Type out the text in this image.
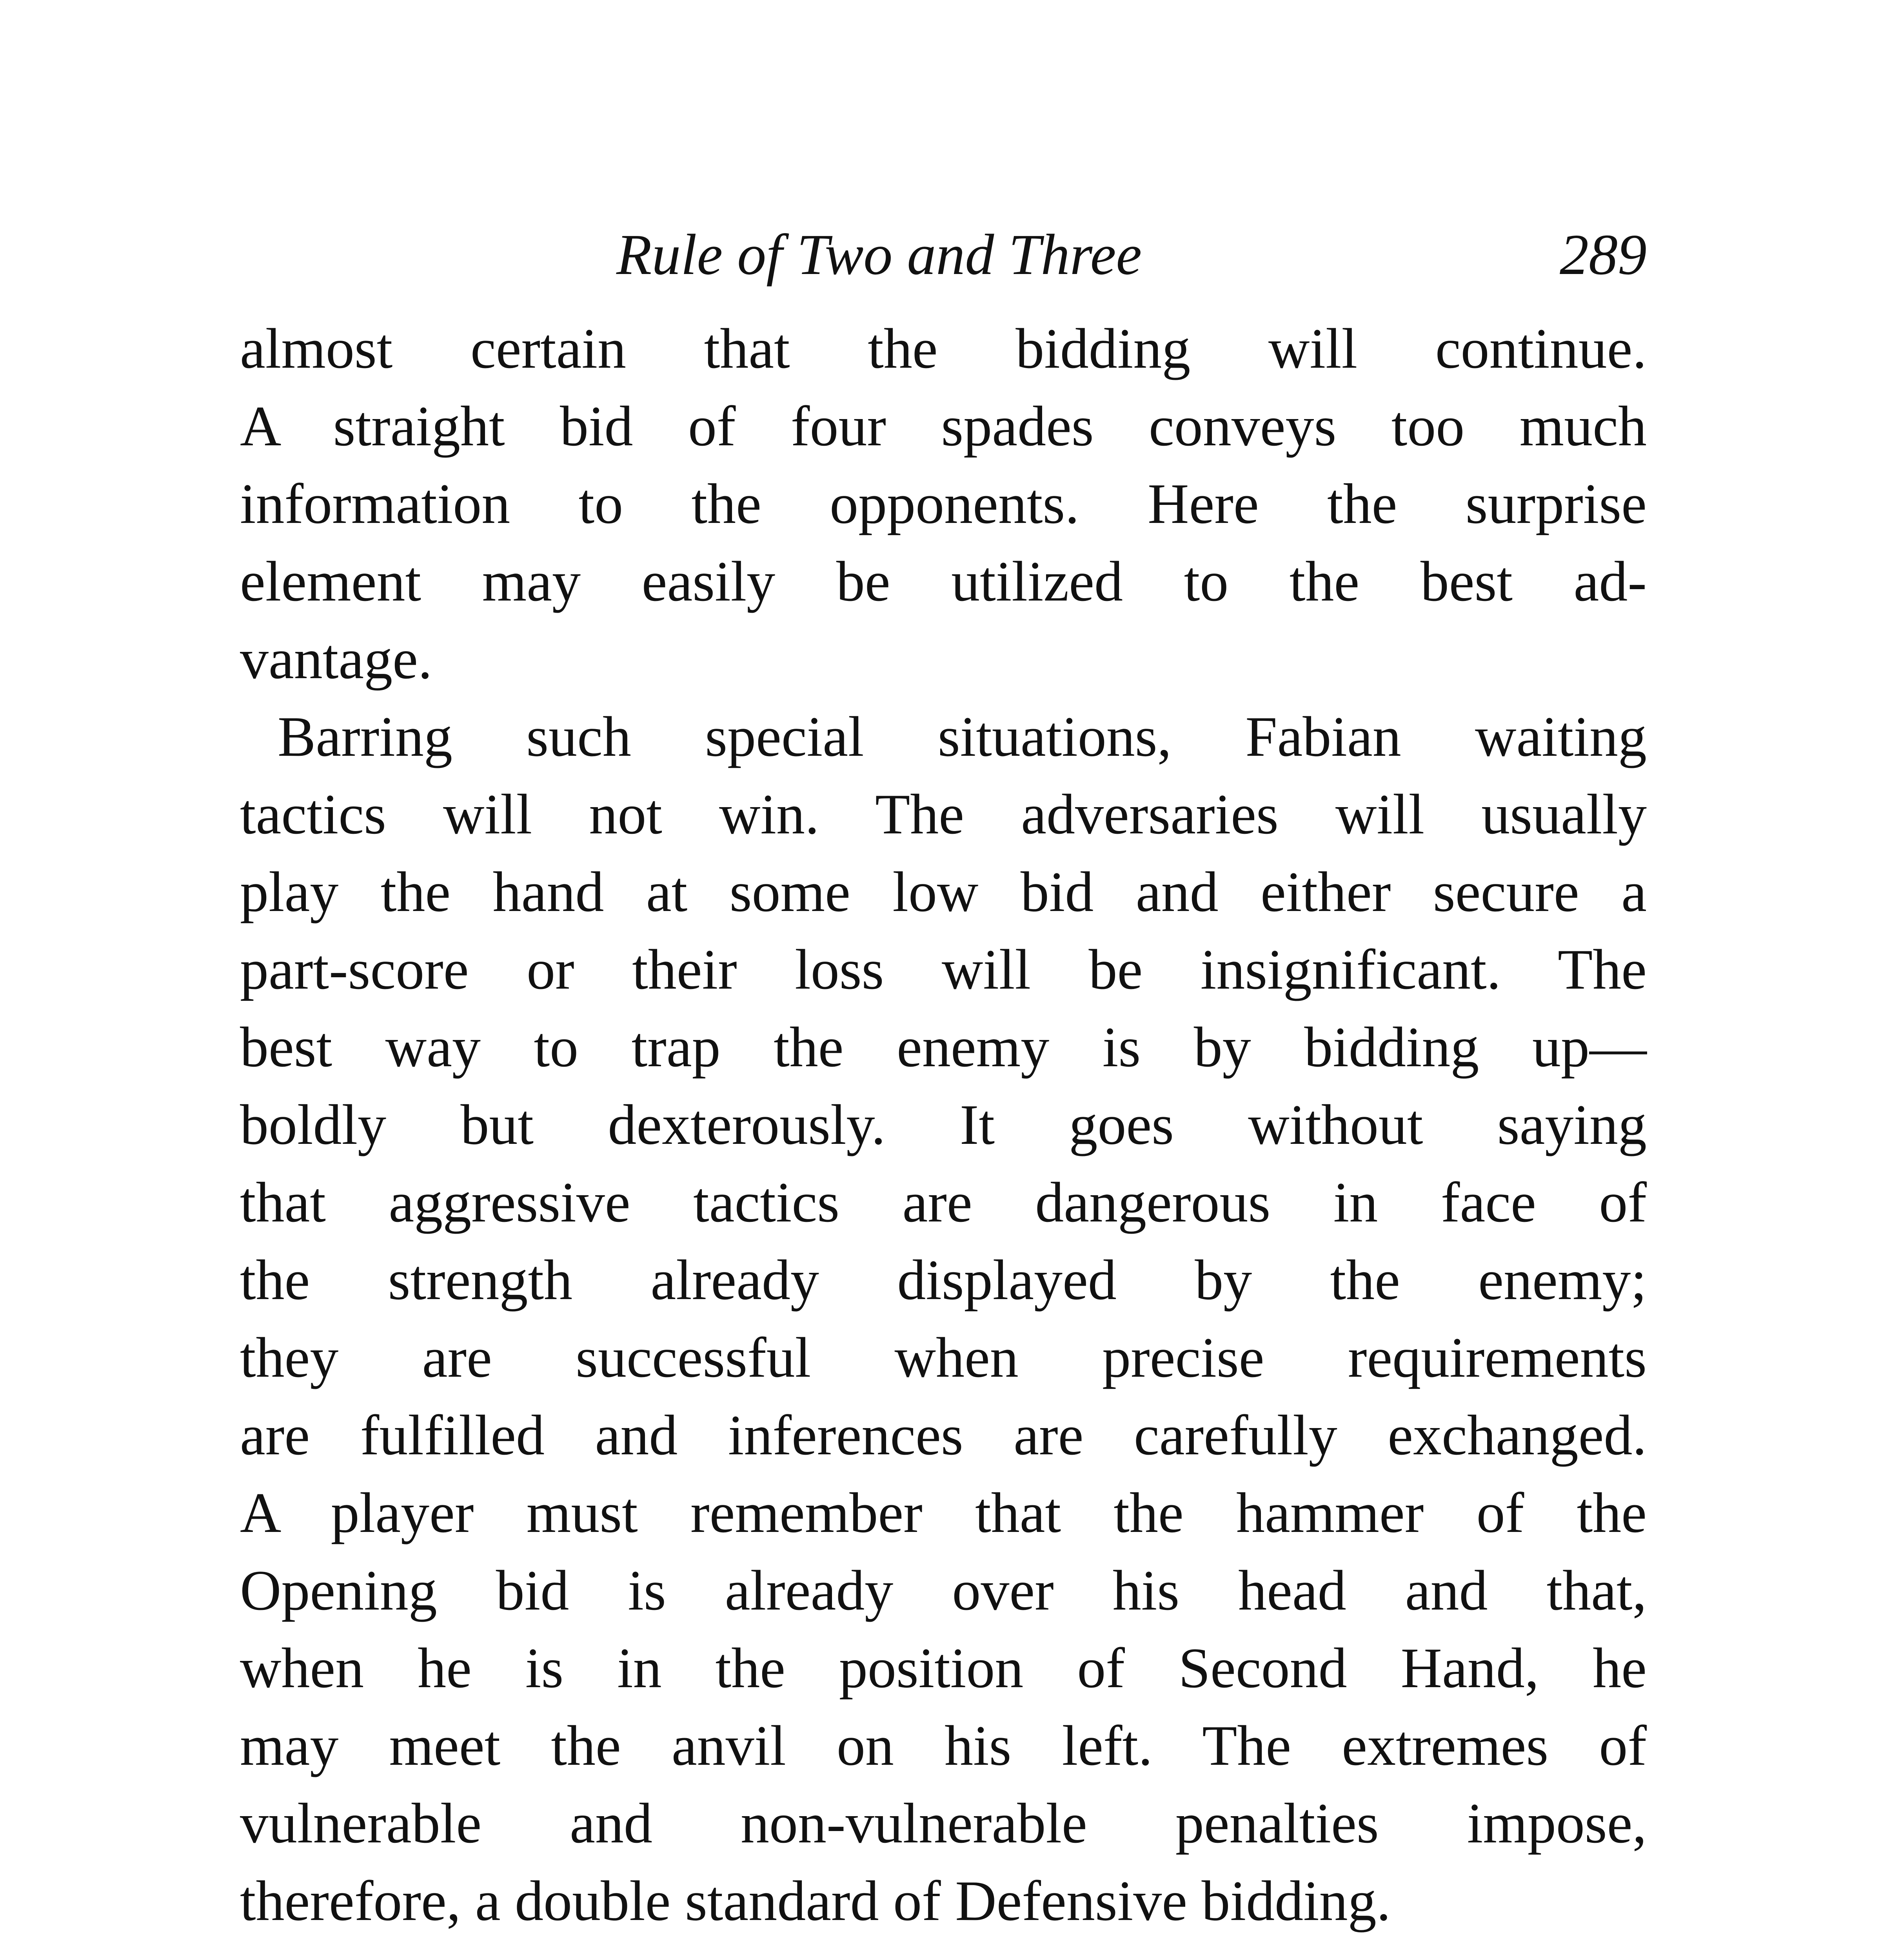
Rule of Two and Three	289
almost certain that the bidding will continue.
A straight bid of four spades conveys too much
information to the opponents. Here the surprise
element may easily be utilized to the best ad-
vantage.
Barring such special situations, Fabian waiting
tactics will not win. The adversaries will usually
play the hand at some low bid and either secure a
part-score or their loss will be insignificant. The
best way to trap the enemy is by bidding up—
boldly but dexterously. It goes without saying
that aggressive tactics are dangerous in face of
the strength already displayed by the enemy;
they are successful when precise requirements
are fulfilled and inferences are carefully exchanged.
A player must remember that the hammer of the
Opening bid is already over his head and that,
when he is in the position of Second Hand, he
may meet the anvil on his left. The extremes of
vulnerable and non-vulnerable penalties impose,
therefore, a double standard of Defensive bidding.
